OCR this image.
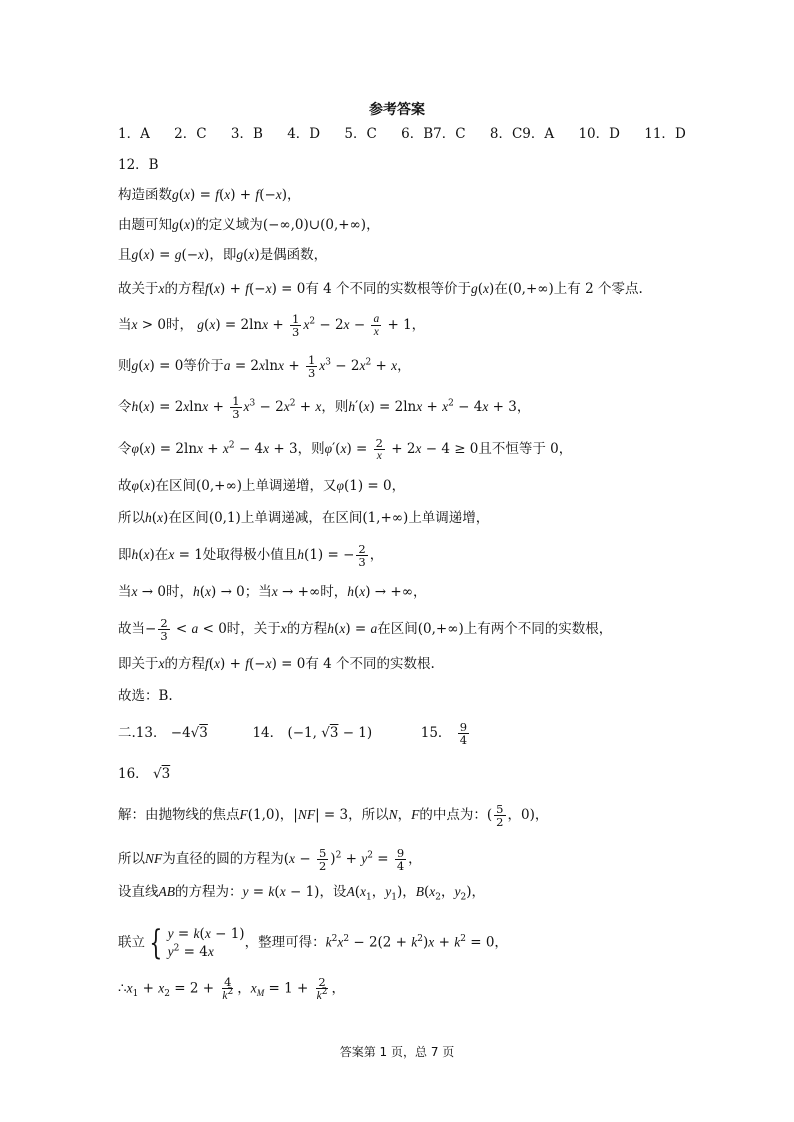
参考答案
1．A 2．C 3．B 4．D 5．C 6．B7．C 8．C9．A 10．D 11．D
12．B
构造函数g(x) = f(x) + f(−x)，
由题可知g(x)的定义域为(−∞,0)∪(0,+∞)，
且g(x) = g(−x)，即g(x)是偶函数，
故关于x的方程f(x) + f(−x) = 0有 4 个不同的实数根等价于g(x)在(0,+∞)上有 2 个零点.
当x > 0时， $g(x) = 2\ln x + \frac{1}{3} x^2 - 2x - \frac{a}{x} + 1$，
则g(x) = 0等价于$a = 2xlnx + \frac{1}{3} x^3 - 2x^2 + x$，
令$h(x) = 2xlnx + \frac{1}{3} x^3 - 2x^2 + x$，则$h'(x) = 2\ln x + x^2 - 4x + 3$，
令$\varphi(x) = 2\ln x + x^2 - 4x + 3$，则$\varphi'(x) = \frac{2}{x} + 2x - 4 \ge 0$且不恒等于 0，
故φ(x)在区间(0,+∞)上单调递增，又φ(1) = 0，
所以h(x)在区间(0,1)上单调递减，在区间(1,+∞)上单调递增，
即h(x)在x = 1处取得极小值且h(1) = − $\frac{2}{3}$ ，
当x → 0时，h(x) → 0；当x → +∞时，h(x) → +∞，
故当− $\frac{2}{3} < a < 0$时，关于x的方程h(x) = a在区间(0,+∞)上有两个不同的实数根，
即关于x的方程f(x) + f(−x) = 0有 4 个不同的实数根.
故选：B.
二.13． −4√3	14． (−1, √3 − 1)	15． $\frac{9}{4}$
16． √3
解：由抛物线的焦点F(1,0)，|NF| = 3，所以N，F的中点为：( $\frac{5}{2}$ ，0)，
所以NF为直径的圆的方程为$(x - \frac{5}{2} )^2 + y^2 = \frac{9}{4}$ ，
设直线AB的方程为：y = k(x − 1)，设$A(x_1$，$y_1$)，$B(x_2$，$y_2$)，
联立 { y = k(x − 1)
$y^2 = 4x$
，整理可得：$k^2x^2 - 2(2 + k^2)x + k^2 = 0$，
$\therefore x_1 + x_2 = 2 + \frac{4}{k^2}$ ，$x_M = 1 + \frac{2}{k^2}$ ，
答案第 1 页，总 7 页
